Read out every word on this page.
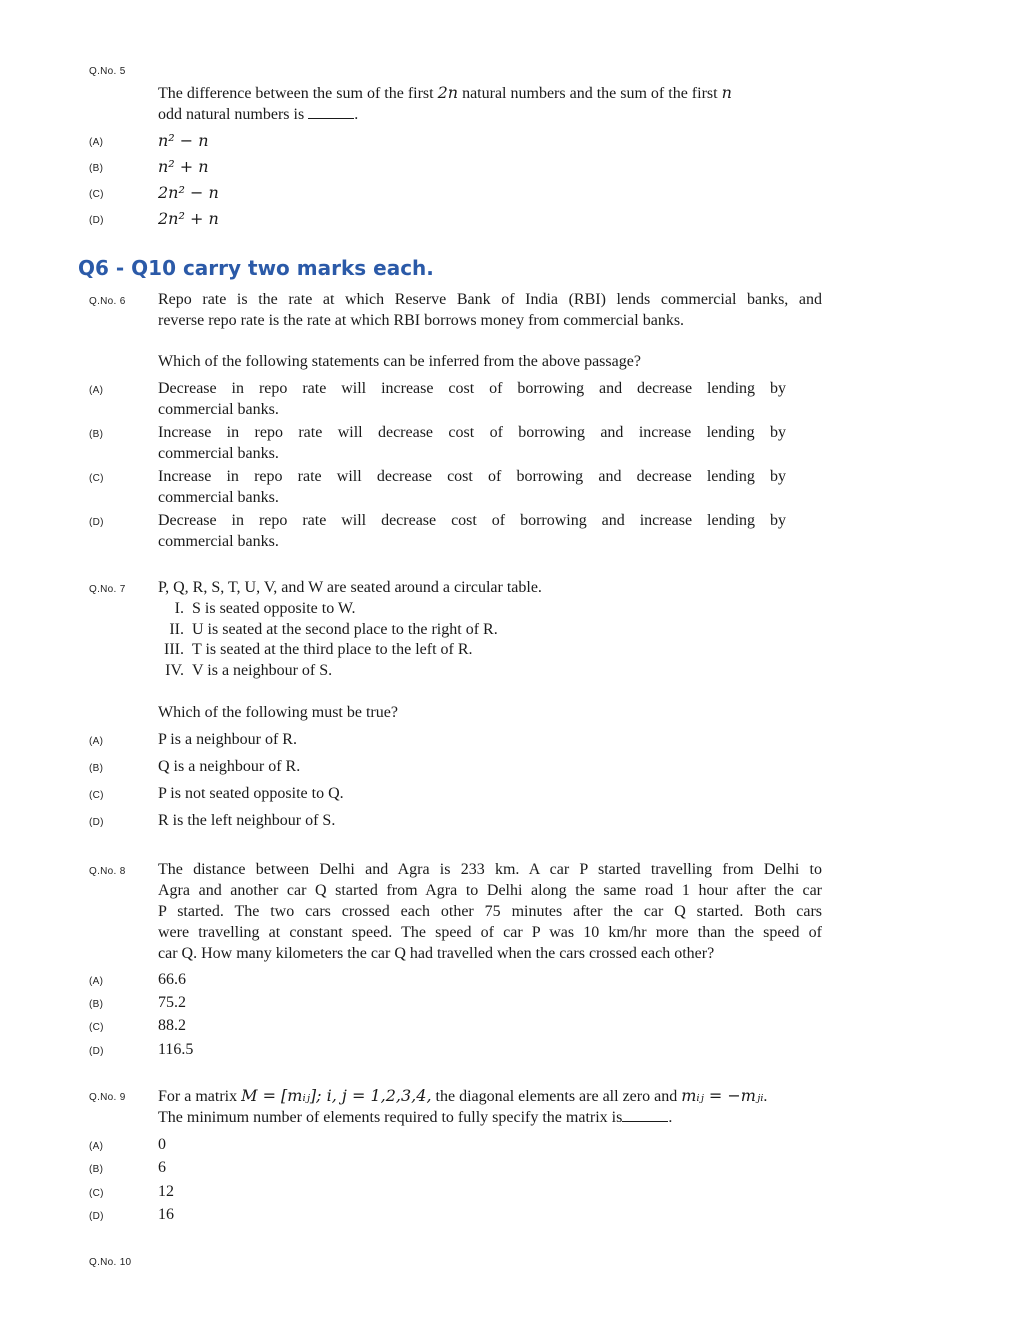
Q.No. 5
The difference between the sum of the first 2n natural numbers and the sum of the first n
odd natural numbers is	.
(A)	n² − n
(B)	n² + n
(C)	2n² − n
(D)	2n² + n
Q6 - Q10 carry two marks each.
Q.No. 6 Repo rate is the rate at which Reserve Bank of India (RBI) lends commercial banks, and
reverse repo rate is the rate at which RBI borrows money from commercial banks.
Which of the following statements can be inferred from the above passage?
(A)	Decrease in repo rate will increase cost of borrowing and decrease lending by
commercial banks.
(B)	Increase in repo rate will decrease cost of borrowing and increase lending by
commercial banks.
(C)	Increase in repo rate will decrease cost of borrowing and decrease lending by
commercial banks.
(D)	Decrease in repo rate will decrease cost of borrowing and increase lending by
commercial banks.
Q.No. 7 P, Q, R, S, T, U, V, and W are seated around a circular table.
I. S is seated opposite to W.
II. U is seated at the second place to the right of R.
III. T is seated at the third place to the left of R.
IV. V is a neighbour of S.
Which of the following must be true?
(A)	P is a neighbour of R.
(B)	Q is a neighbour of R.
(C)	P is not seated opposite to Q.
(D)	R is the left neighbour of S.
Q.No. 8 The distance between Delhi and Agra is 233 km. A car P started travelling from Delhi to
Agra and another car Q started from Agra to Delhi along the same road 1 hour after the car
P started. The two cars crossed each other 75 minutes after the car Q started. Both cars
were travelling at constant speed. The speed of car P was 10 km/hr more than the speed of
car Q. How many kilometers the car Q had travelled when the cars crossed each other?
(A)	66.6
(B)	75.2
(C)	88.2
(D)	116.5
Q.No. 9 For a matrix M = [mᵢⱼ]; i, j = 1,2,3,4, the diagonal elements are all zero and mᵢⱼ = −mⱼᵢ.
The minimum number of elements required to fully specify the matrix is	.
(A)	0
(B)	6
(C)	12
(D)	16
Q.No. 10
